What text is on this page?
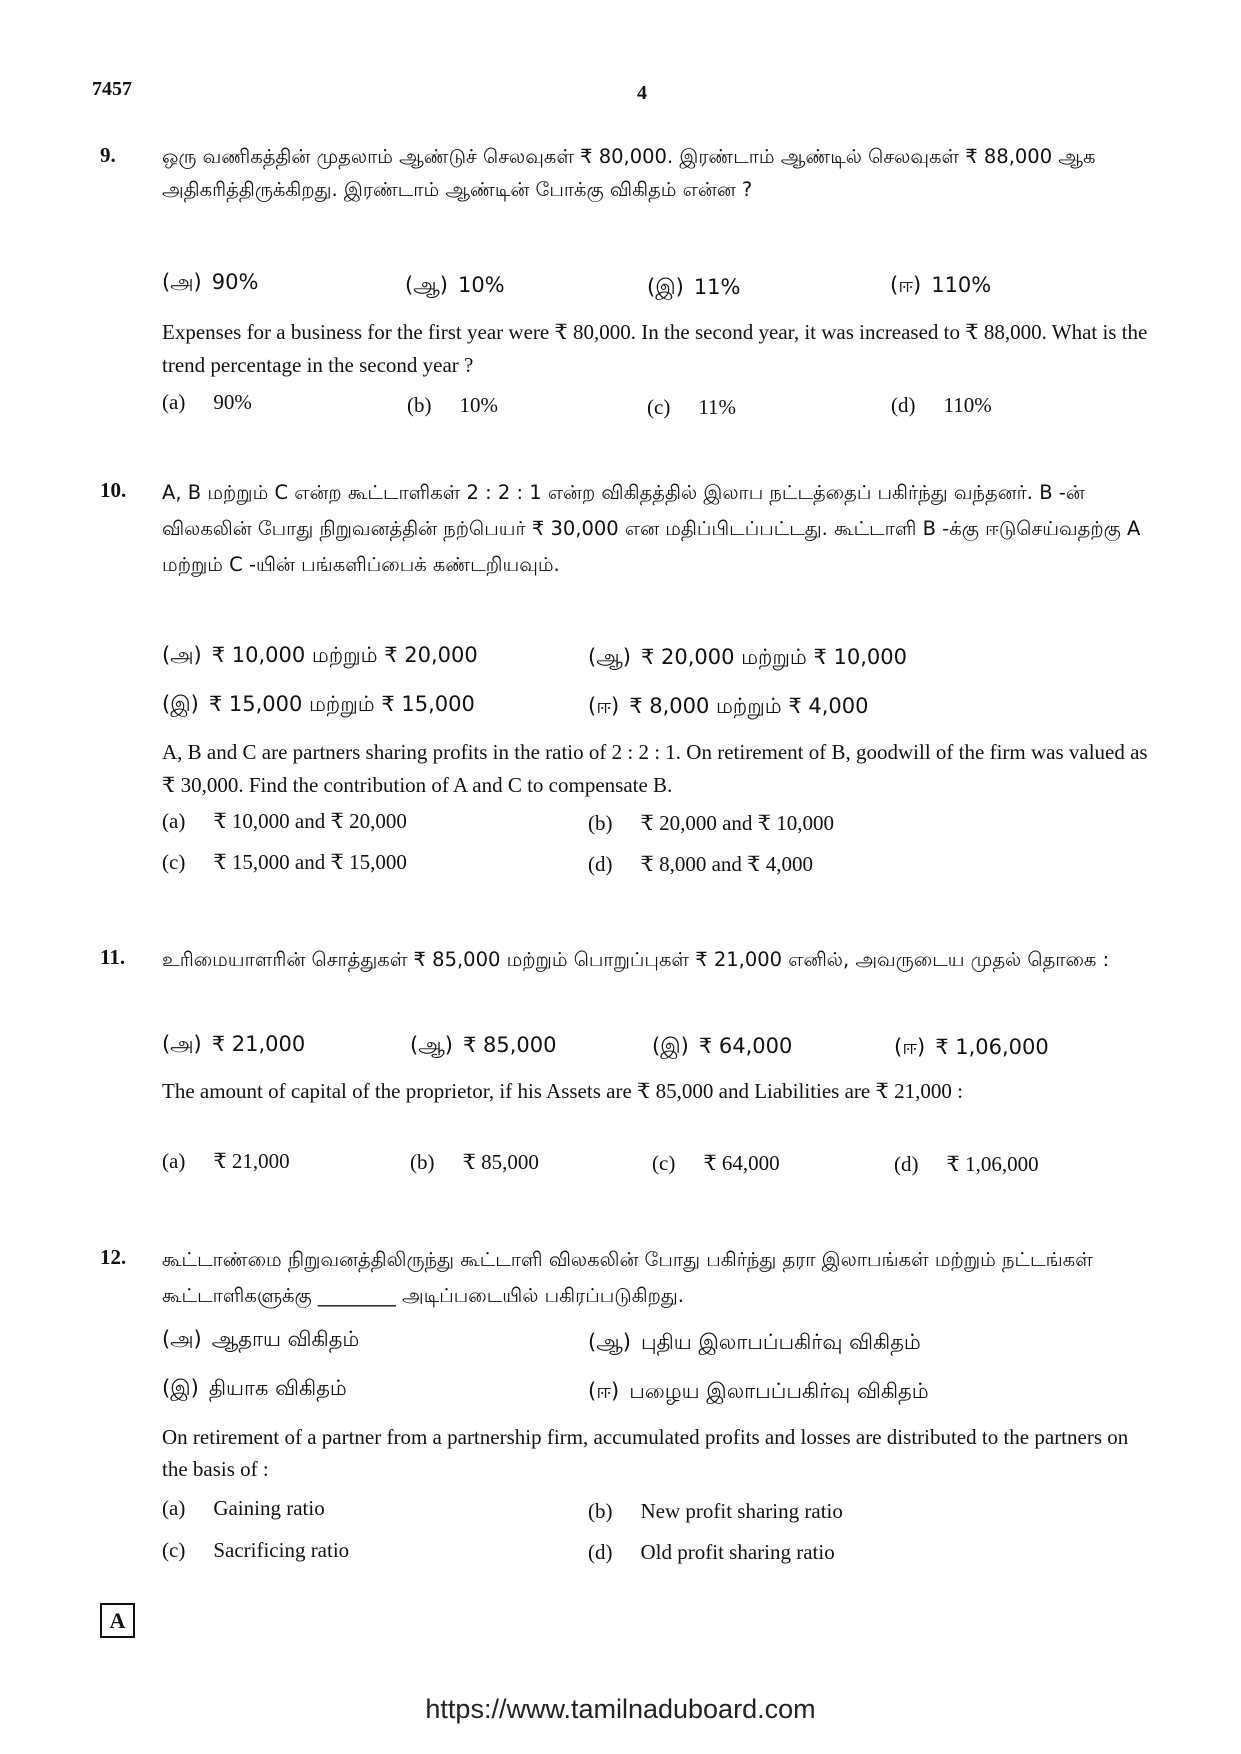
7457	4
9. ஒரு வணிகத்தின் முதலாம் ஆண்டுச் செலவுகள் ₹ 80,000. இரண்டாம் ஆண்டில் செலவுகள் ₹ 88,000 ஆக அதிகரித்திருக்கிறது. இரண்டாம் ஆண்டின் போக்கு விகிதம் என்ன ?
(அ) 90%	(ஆ) 10%	(இ) 11%	(ஈ) 110%
Expenses for a business for the first year were ₹ 80,000. In the second year, it was increased to ₹ 88,000. What is the trend percentage in the second year ?
(a) 90%	(b) 10%	(c) 11%	(d) 110%
10. A, B மற்றும் C என்ற கூட்டாளிகள் 2 : 2 : 1 என்ற விகிதத்தில் இலாப நட்டத்தைப் பகிர்ந்து வந்தனர். B -ன் விலகலின் போது நிறுவனத்தின் நற்பெயர் ₹ 30,000 என மதிப்பிடப்பட்டது. கூட்டாளி B -க்கு ஈடுசெய்வதற்கு A மற்றும் C -யின் பங்களிப்பைக் கண்டறியவும்.
(அ) ₹ 10,000 மற்றும் ₹ 20,000	(ஆ) ₹ 20,000 மற்றும் ₹ 10,000
(இ) ₹ 15,000 மற்றும் ₹ 15,000	(ஈ) ₹ 8,000 மற்றும் ₹ 4,000
A, B and C are partners sharing profits in the ratio of 2 : 2 : 1. On retirement of B, goodwill of the firm was valued as ₹ 30,000. Find the contribution of A and C to compensate B.
(a) ₹ 10,000 and ₹ 20,000	(b) ₹ 20,000 and ₹ 10,000
(c) ₹ 15,000 and ₹ 15,000	(d) ₹ 8,000 and ₹ 4,000
11. உரிமையாளரின் சொத்துகள் ₹ 85,000 மற்றும் பொறுப்புகள் ₹ 21,000 எனில், அவருடைய முதல் தொகை :
(அ) ₹ 21,000	(ஆ) ₹ 85,000	(இ) ₹ 64,000	(ஈ) ₹ 1,06,000
The amount of capital of the proprietor, if his Assets are ₹ 85,000 and Liabilities are ₹ 21,000 :
(a) ₹ 21,000	(b) ₹ 85,000	(c) ₹ 64,000	(d) ₹ 1,06,000
12. கூட்டாண்மை நிறுவனத்திலிருந்து கூட்டாளி விலகலின் போது பகிர்ந்து தரா இலாபங்கள் மற்றும் நட்டங்கள் கூட்டாளிகளுக்கு ________ அடிப்படையில் பகிரப்படுகிறது.
(அ) ஆதாய விகிதம்	(ஆ) புதிய இலாபப்பகிர்வு விகிதம்
(இ) தியாக விகிதம்	(ஈ) பழைய இலாபப்பகிர்வு விகிதம்
On retirement of a partner from a partnership firm, accumulated profits and losses are distributed to the partners on the basis of :
(a) Gaining ratio	(b) New profit sharing ratio
(c) Sacrificing ratio	(d) Old profit sharing ratio
A
https://www.tamilnaduboard.com
